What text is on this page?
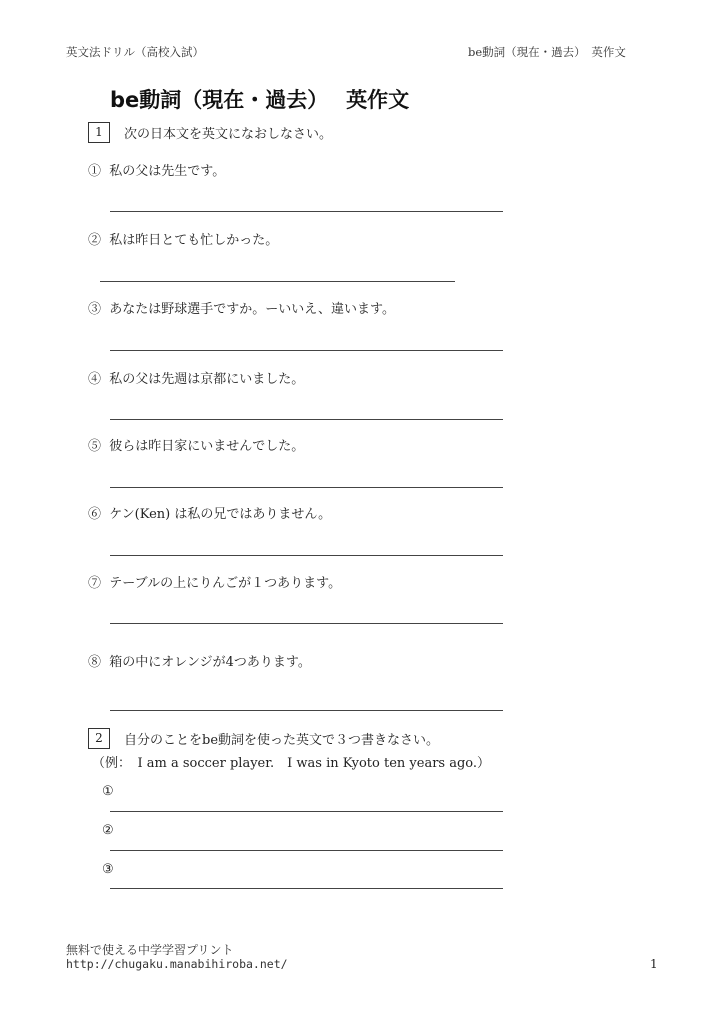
英文法ドリル（高校入試）	be動詞（現在・過去）　英作文
be動詞（現在・過去）　 英作文
1	次の日本文を英文になおしなさい。
① 私の父は先生です。
② 私は昨日とても忙しかった。
③ あなたは野球選手ですか。ーいいえ、違います。
④ 私の父は先週は京都にいました。
⑤ 彼らは昨日家にいませんでした。
⑥ ケン(Ken) は私の兄ではありません。
⑦ テーブルの上にりんごが１つあります。
⑧ 箱の中にオレンジが4つあります。
2	自分のことをbe動詞を使った英文で３つ書きなさい。
（例：　I am a soccer player.　I was in Kyoto ten years ago.）
①
②
③
無料で使える中学学習プリント
http://chugaku.manabihiroba.net/	1
